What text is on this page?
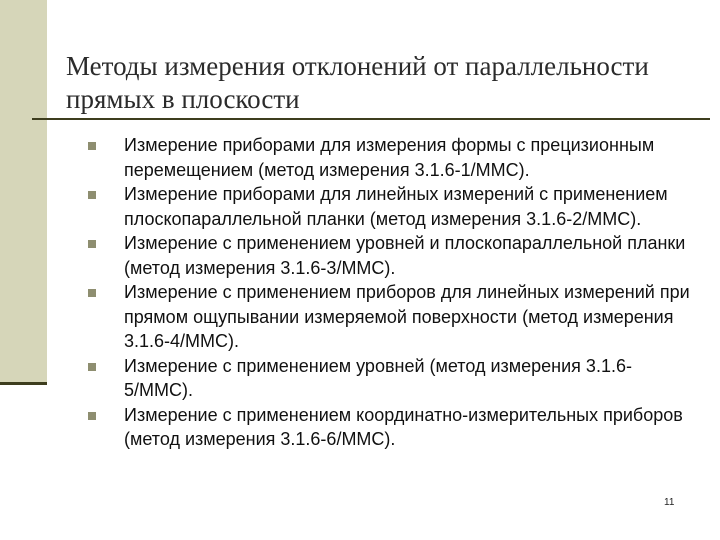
Методы измерения отклонений от параллельности прямых в плоскости
Измерение приборами для измерения формы с прецизионным перемещением (метод измерения 3.1.6-1/MMC).
Измерение приборами для линейных измерений с применением плоскопараллельной планки (метод измерения 3.1.6-2/MMC).
Измерение с применением уровней и плоскопараллельной планки (метод измерения 3.1.6-3/MMC).
Измерение с применением приборов для линейных измерений при прямом ощупывании измеряемой поверхности (метод измерения 3.1.6-4/MMC).
Измерение с применением уровней (метод измерения 3.1.6-5/MMC).
Измерение с применением координатно-измерительных приборов (метод измерения 3.1.6-6/MMC).
11
